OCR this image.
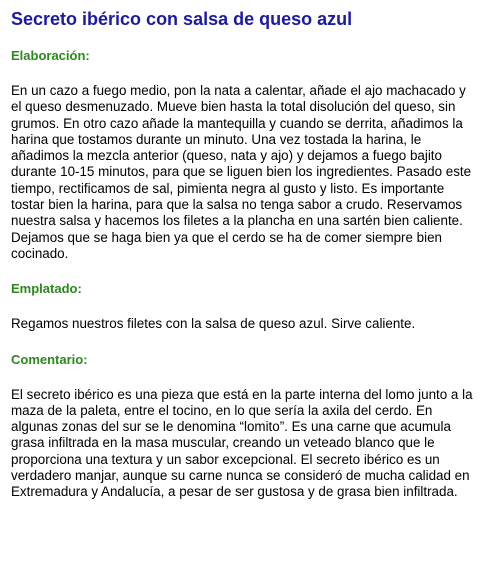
Secreto ibérico con salsa de queso azul
Elaboración:

En un cazo a fuego medio, pon la nata a calentar, añade el ajo machacado y el queso desmenuzado. Mueve bien hasta la total disolución del queso, sin grumos. En otro cazo añade la mantequilla y cuando se derrita, añadimos la harina que tostamos durante un minuto. Una vez tostada la harina, le añadimos la mezcla anterior (queso, nata y ajo) y dejamos a fuego bajito durante 10-15 minutos, para que se liguen bien los ingredientes. Pasado este tiempo, rectificamos de sal, pimienta negra al gusto y listo. Es importante tostar bien la harina, para que la salsa no tenga sabor a crudo. Reservamos nuestra salsa y hacemos los filetes a la plancha en una sartén bien caliente. Dejamos que se haga bien ya que el cerdo se ha de comer siempre bien cocinado.

Emplatado:

Regamos nuestros filetes con la salsa de queso azul. Sirve caliente.

Comentario:

El secreto ibérico es una pieza que está en la parte interna del lomo junto a la maza de la paleta, entre el tocino, en lo que sería la axila del cerdo. En algunas zonas del sur se le denomina “lomito”. Es una carne que acumula grasa infiltrada en la masa muscular, creando un veteado blanco que le proporciona una textura y un sabor excepcional. El secreto ibérico es un verdadero manjar, aunque su carne nunca se consideró de mucha calidad en Extremadura y Andalucía, a pesar de ser gustosa y de grasa bien infiltrada.
